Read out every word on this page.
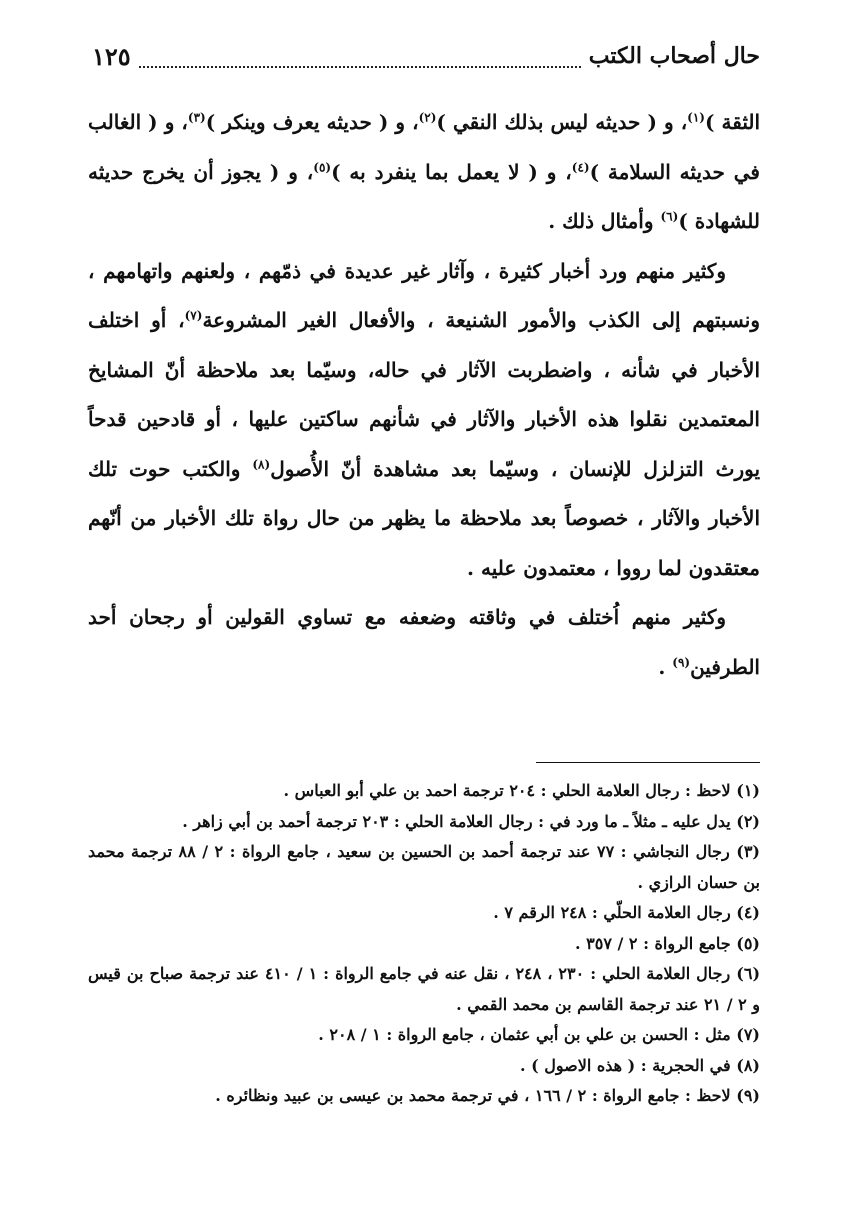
حال أصحاب الكتب
١٢٥

الثقة )$^{(١)}$، و ( حديثه ليس بذلك النقي )$^{(٢)}$، و ( حديثه يعرف وينكر )$^{(٣)}$، و ( الغالب في حديثه السلامة )$^{(٤)}$، و ( لا يعمل بما ينفرد به )$^{(٥)}$، و ( يجوز أن يخرج حديثه للشهادة )$^{(٦)}$ وأمثال ذلك .

وكثير منهم ورد أخبار كثيرة ، وآثار غير عديدة في ذمّهم ، ولعنهم واتهامهم ، ونسبتهم إلى الكذب والأمور الشنيعة ، والأفعال الغير المشروعة$^{(٧)}$، أو اختلف الأخبار في شأنه ، واضطربت الآثار في حاله، وسيّما بعد ملاحظة أنّ المشايخ المعتمدين نقلوا هذه الأخبار والآثار في شأنهم ساكتين عليها ، أو قادحين قدحاً يورث التزلزل للإنسان ، وسيّما بعد مشاهدة أنّ الأُصول$^{(٨)}$ والكتب حوت تلك الأخبار والآثار ، خصوصاً بعد ملاحظة ما يظهر من حال رواة تلك الأخبار من أنّهم معتقدون لما رووا ، معتمدون عليه .

وكثير منهم اُختلف في وثاقته وضعفه مع تساوي القولين أو رجحان أحد الطرفين$^{(٩)}$ .

(١) لاحظ : رجال العلامة الحلي : ٢٠٤ ترجمة احمد بن علي أبو العباس .

(٢) يدل عليه ـ مثلاً ـ ما ورد في : رجال العلامة الحلي : ٢٠٣ ترجمة أحمد بن أبي زاهر .

(٣) رجال النجاشي : ٧٧ عند ترجمة أحمد بن الحسين بن سعيد ، جامع الرواة : ٢ / ٨٨ ترجمة محمد بن حسان الرازي .

(٤) رجال العلامة الحلّي : ٢٤٨ الرقم ٧ .

(٥) جامع الرواة : ٢ / ٣٥٧ .

(٦) رجال العلامة الحلي : ٢٣٠ ، ٢٤٨ ، نقل عنه في جامع الرواة : ١ / ٤١٠ عند ترجمة صباح بن قيس و ٢ / ٢١ عند ترجمة القاسم بن محمد القمي .

(٧) مثل : الحسن بن علي بن أبي عثمان ، جامع الرواة : ١ / ٢٠٨ .

(٨) في الحجرية : ( هذه الاصول ) .

(٩) لاحظ : جامع الرواة : ٢ / ١٦٦ ، في ترجمة محمد بن عيسى بن عبيد ونظائره .
